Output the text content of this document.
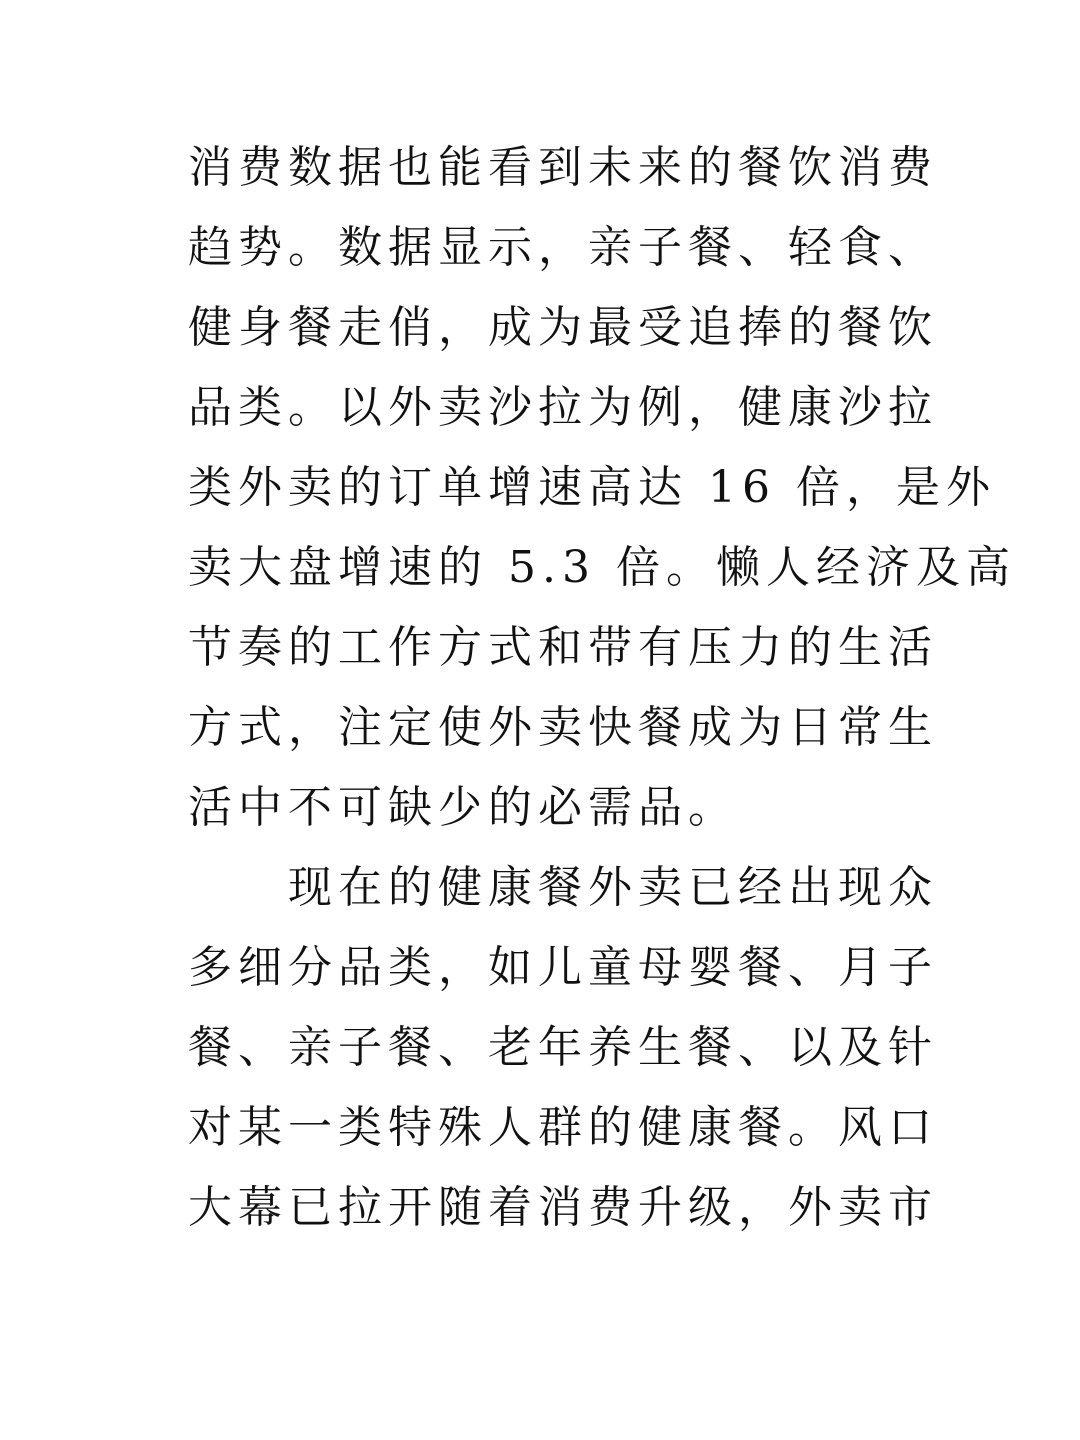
消费数据也能看到未来的餐饮消费
趋势。数据显示，亲子餐、轻食、
健身餐走俏，成为最受追捧的餐饮
品类。以外卖沙拉为例，健康沙拉
类外卖的订单增速高达 16 倍，是外
卖大盘增速的 5.3 倍。懒人经济及高
节奏的工作方式和带有压力的生活
方式，注定使外卖快餐成为日常生
活中不可缺少的必需品。
　　现在的健康餐外卖已经出现众
多细分品类，如儿童母婴餐、月子
餐、亲子餐、老年养生餐、以及针
对某一类特殊人群的健康餐。风口
大幕已拉开随着消费升级，外卖市
